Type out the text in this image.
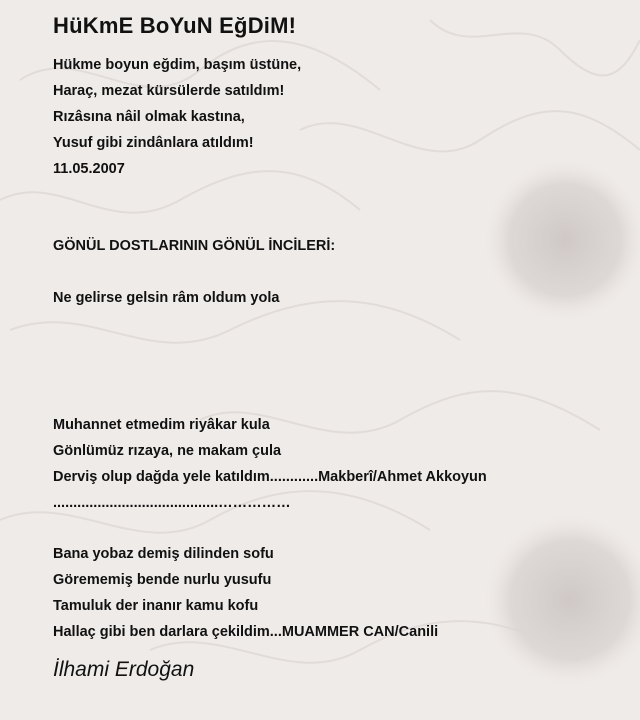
HüKmE BoYuN EğDiM!
Hükme boyun eğdim, başım üstüne,
Haraç, mezat kürsülerde satıldım!
Rızâsına nâil olmak kastına,
Yusuf gibi zindânlara atıldım!
11.05.2007
GÖNÜL DOSTLARININ GÖNÜL İNCİLERİ:
Ne gelirse gelsin râm oldum yola
Muhannet etmedim riyâkar kula
Gönlümüz rızaya, ne makam çula
Derviş olup dağda yele katıldım............Makberî/Ahmet Akkoyun
.........................................……………
Bana yobaz demiş dilinden sofu
Görememiş bende nurlu yusufu
Tamuluk der inanır kamu kofu
Hallaç gibi ben darlara çekildim...MUAMMER CAN/Canili
İlhami Erdoğan
